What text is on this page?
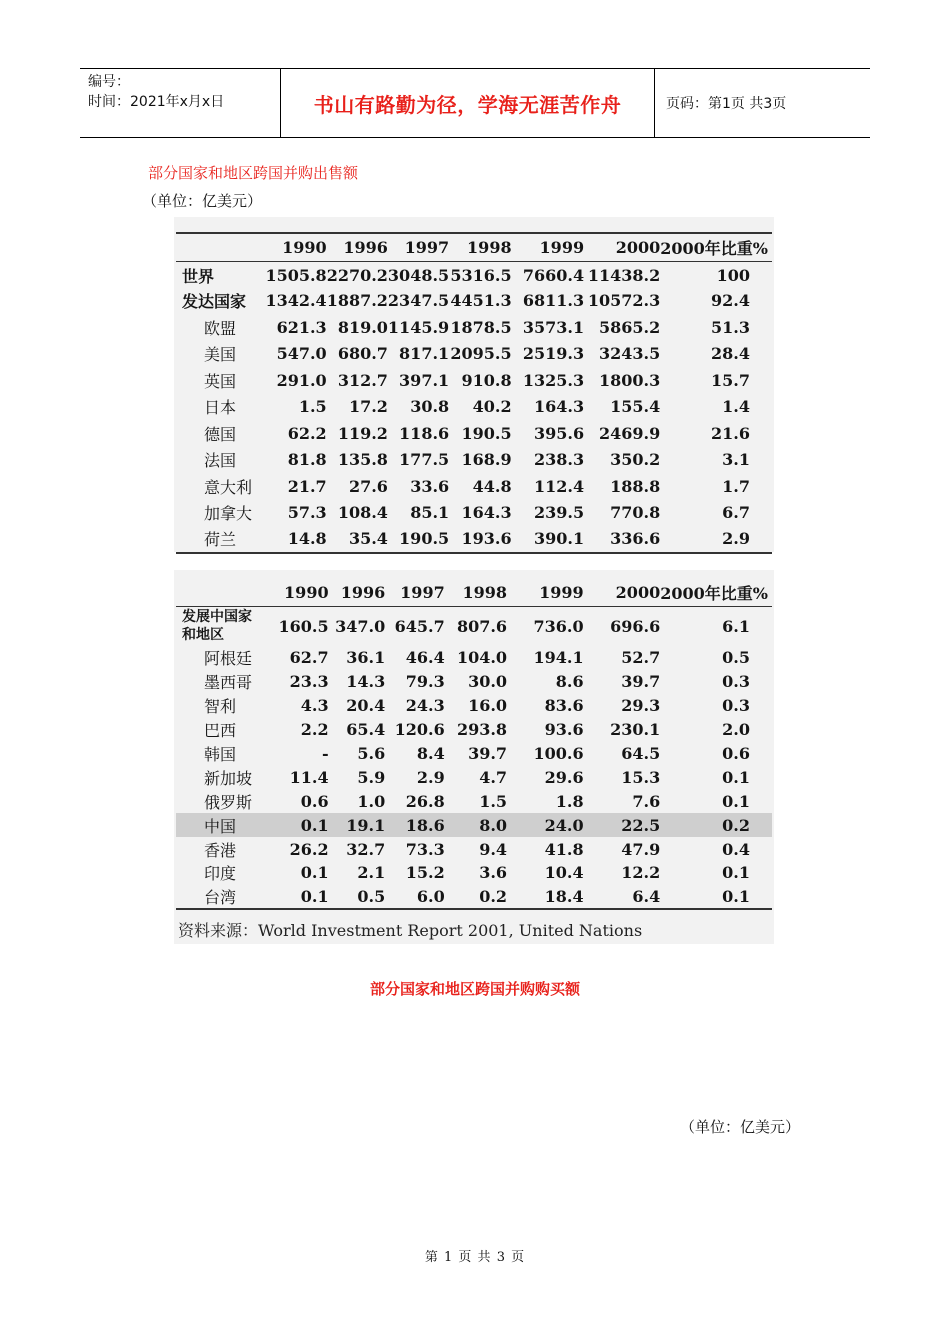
编号：
时间：2021年x月x日	书山有路勤为径，学海无涯苦作舟	页码：第1页 共3页
部分国家和地区跨国并购出售额
（单位：亿美元）
	1990	1996	1997	1998	1999	2000	2000年比重%
世界	1505.8	2270.2	3048.5	5316.5	7660.4	11438.2	100
发达国家	1342.4	1887.2	2347.5	4451.3	6811.3	10572.3	92.4
欧盟	621.3	819.0	1145.9	1878.5	3573.1	5865.2	51.3
美国	547.0	680.7	817.1	2095.5	2519.3	3243.5	28.4
英国	291.0	312.7	397.1	910.8	1325.3	1800.3	15.7
日本	1.5	17.2	30.8	40.2	164.3	155.4	1.4
德国	62.2	119.2	118.6	190.5	395.6	2469.9	21.6
法国	81.8	135.8	177.5	168.9	238.3	350.2	3.1
意大利	21.7	27.6	33.6	44.8	112.4	188.8	1.7
加拿大	57.3	108.4	85.1	164.3	239.5	770.8	6.7
荷兰	14.8	35.4	190.5	193.6	390.1	336.6	2.9
	1990	1996	1997	1998	1999	2000	2000年比重%
发展中国家
和地区	160.5	347.0	645.7	807.6	736.0	696.6	6.1
阿根廷	62.7	36.1	46.4	104.0	194.1	52.7	0.5
墨西哥	23.3	14.3	79.3	30.0	8.6	39.7	0.3
智利	4.3	20.4	24.3	16.0	83.6	29.3	0.3
巴西	2.2	65.4	120.6	293.8	93.6	230.1	2.0
韩国	-	5.6	8.4	39.7	100.6	64.5	0.6
新加坡	11.4	5.9	2.9	4.7	29.6	15.3	0.1
俄罗斯	0.6	1.0	26.8	1.5	1.8	7.6	0.1
中国	0.1	19.1	18.6	8.0	24.0	22.5	0.2
香港	26.2	32.7	73.3	9.4	41.8	47.9	0.4
印度	0.1	2.1	15.2	3.6	10.4	12.2	0.1
台湾	0.1	0.5	6.0	0.2	18.4	6.4	0.1
资料来源：World Investment Report 2001, United Nations
部分国家和地区跨国并购购买额
（单位：亿美元）
第 1 页 共 3 页
